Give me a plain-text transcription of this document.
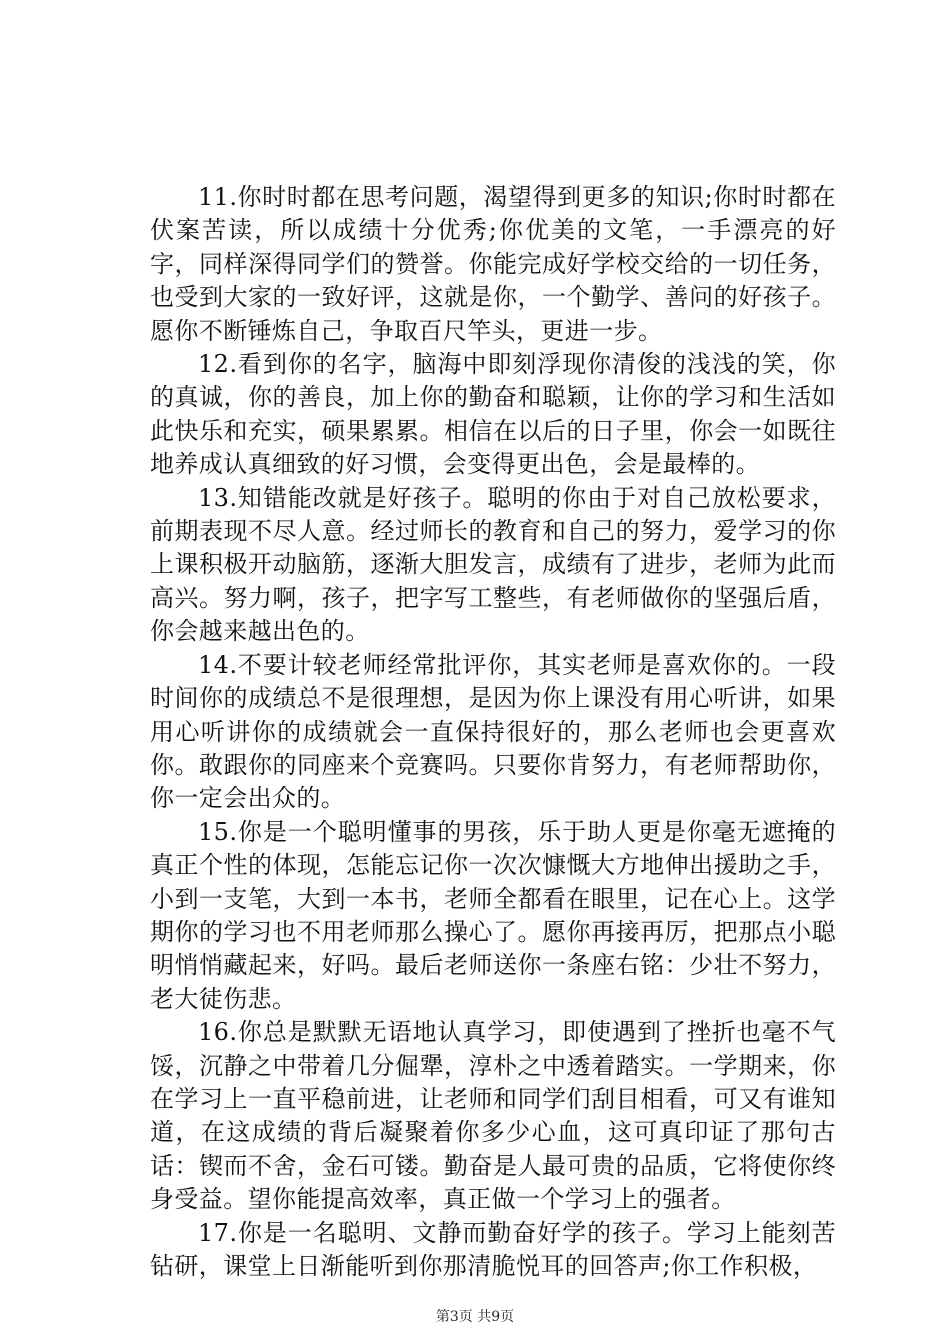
11.你时时都在思考问题，渴望得到更多的知识;你时时都在伏案苦读，所以成绩十分优秀;你优美的文笔，一手漂亮的好字，同样深得同学们的赞誉。你能完成好学校交给的一切任务，也受到大家的一致好评，这就是你，一个勤学、善问的好孩子。愿你不断锤炼自己，争取百尺竿头，更进一步。

12.看到你的名字，脑海中即刻浮现你清俊的浅浅的笑，你的真诚，你的善良，加上你的勤奋和聪颖，让你的学习和生活如此快乐和充实，硕果累累。相信在以后的日子里，你会一如既往地养成认真细致的好习惯，会变得更出色，会是最棒的。

13.知错能改就是好孩子。聪明的你由于对自己放松要求，前期表现不尽人意。经过师长的教育和自己的努力，爱学习的你上课积极开动脑筋，逐渐大胆发言，成绩有了进步，老师为此而高兴。努力啊，孩子，把字写工整些，有老师做你的坚强后盾，你会越来越出色的。

14.不要计较老师经常批评你，其实老师是喜欢你的。一段时间你的成绩总不是很理想，是因为你上课没有用心听讲，如果用心听讲你的成绩就会一直保持很好的，那么老师也会更喜欢你。敢跟你的同座来个竞赛吗。只要你肯努力，有老师帮助你，你一定会出众的。

15.你是一个聪明懂事的男孩，乐于助人更是你毫无遮掩的真正个性的体现，怎能忘记你一次次慷慨大方地伸出援助之手，小到一支笔，大到一本书，老师全都看在眼里，记在心上。这学期你的学习也不用老师那么操心了。愿你再接再厉，把那点小聪明悄悄藏起来，好吗。最后老师送你一条座右铭：少壮不努力，老大徒伤悲。

16.你总是默默无语地认真学习，即使遇到了挫折也毫不气馁，沉静之中带着几分倔犟，淳朴之中透着踏实。一学期来，你在学习上一直平稳前进，让老师和同学们刮目相看，可又有谁知道，在这成绩的背后凝聚着你多少心血，这可真印证了那句古话：锲而不舍，金石可镂。勤奋是人最可贵的品质，它将使你终身受益。望你能提高效率，真正做一个学习上的强者。

17.你是一名聪明、文静而勤奋好学的孩子。学习上能刻苦钻研，课堂上日渐能听到你那清脆悦耳的回答声;你工作积极，

第3页 共9页
